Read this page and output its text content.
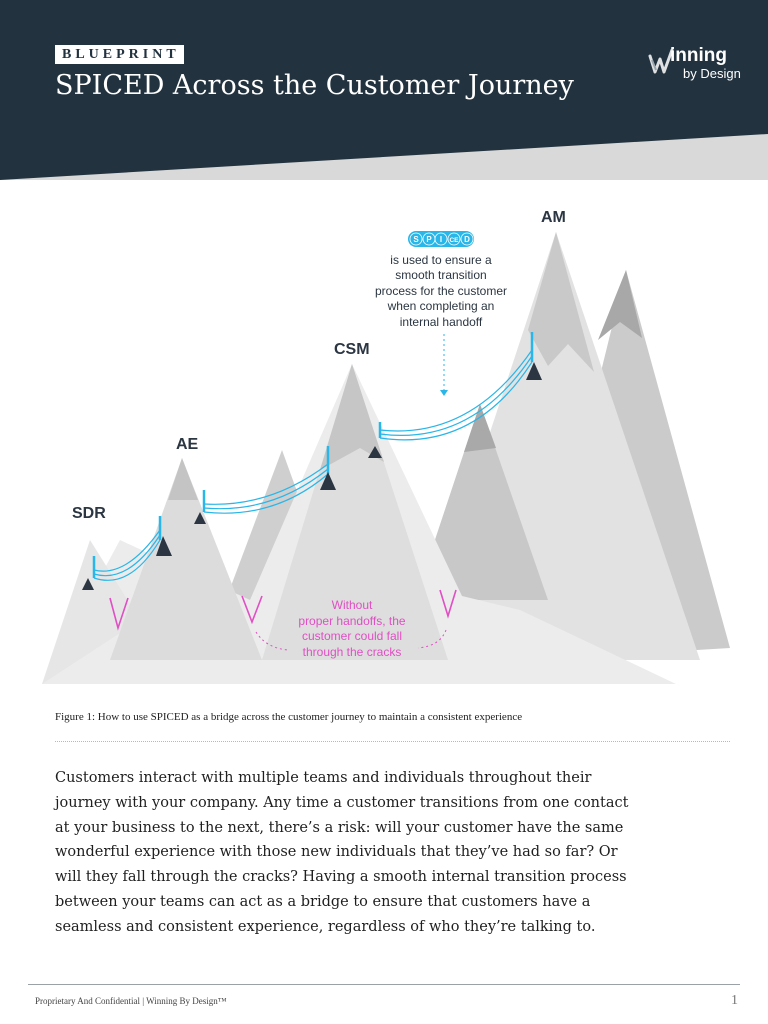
BLUEPRINT
SPICED Across the Customer Journey
inning
by Design
SDR
AE
CSM
AM
S P I CE D
is used to ensure a
smooth transition
process for the customer
when completing an
internal handoff
Without
proper handoffs, the
customer could fall
through the cracks
Figure 1: How to use SPICED as a bridge across the customer journey to maintain a consistent experience

Customers interact with multiple teams and individuals throughout their journey with your company. Any time a customer transitions from one contact at your business to the next, there’s a risk: will your customer have the same wonderful experience with those new individuals that they’ve had so far? Or will they fall through the cracks? Having a smooth internal transition process between your teams can act as a bridge to ensure that customers have a seamless and consistent experience, regardless of who they’re talking to.

Proprietary And Confidential | Winning By Design™	1
